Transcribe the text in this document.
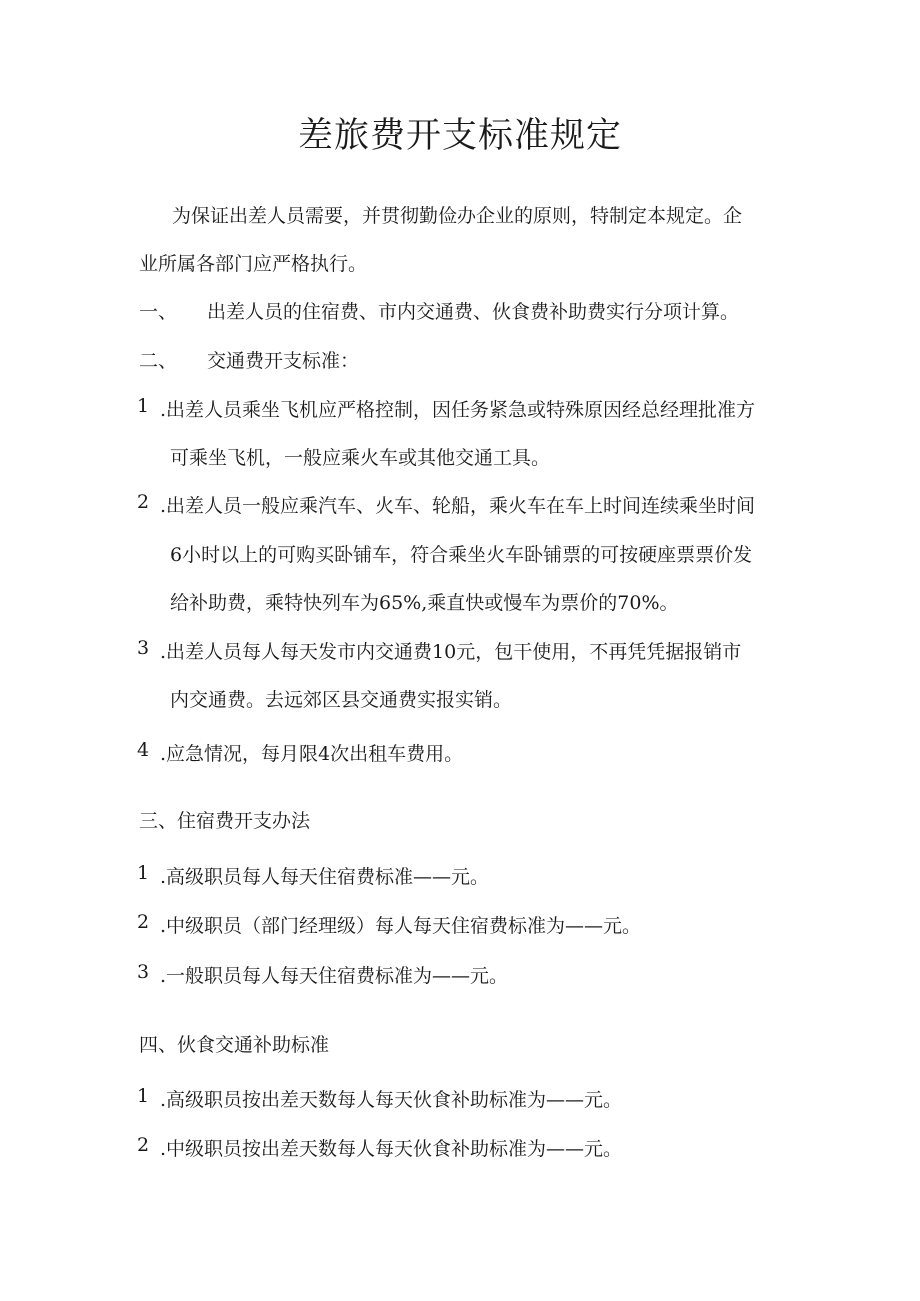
差旅费开支标准规定
为保证出差人员需要，并贯彻勤俭办企业的原则，特制定本规定。企
业所属各部门应严格执行。
一、 出差人员的住宿费、市内交通费、伙食费补助费实行分项计算。
二、 交通费开支标准：
1 .出差人员乘坐飞机应严格控制，因任务紧急或特殊原因经总经理批准方
可乘坐飞机，一般应乘火车或其他交通工具。
2 .出差人员一般应乘汽车、火车、轮船，乘火车在车上时间连续乘坐时间
6小时以上的可购买卧铺车，符合乘坐火车卧铺票的可按硬座票票价发
给补助费，乘特快列车为65%,乘直快或慢车为票价的70%。
3 .出差人员每人每天发市内交通费10元，包干使用，不再凭凭据报销市
内交通费。去远郊区县交通费实报实销。
4 .应急情况，每月限4次出租车费用。
三、住宿费开支办法
1 .高级职员每人每天住宿费标准——元。
2 .中级职员（部门经理级）每人每天住宿费标准为——元。
3 .一般职员每人每天住宿费标准为——元。
四、伙食交通补助标准
1 .高级职员按出差天数每人每天伙食补助标准为——元。
2 .中级职员按出差天数每人每天伙食补助标准为——元。
